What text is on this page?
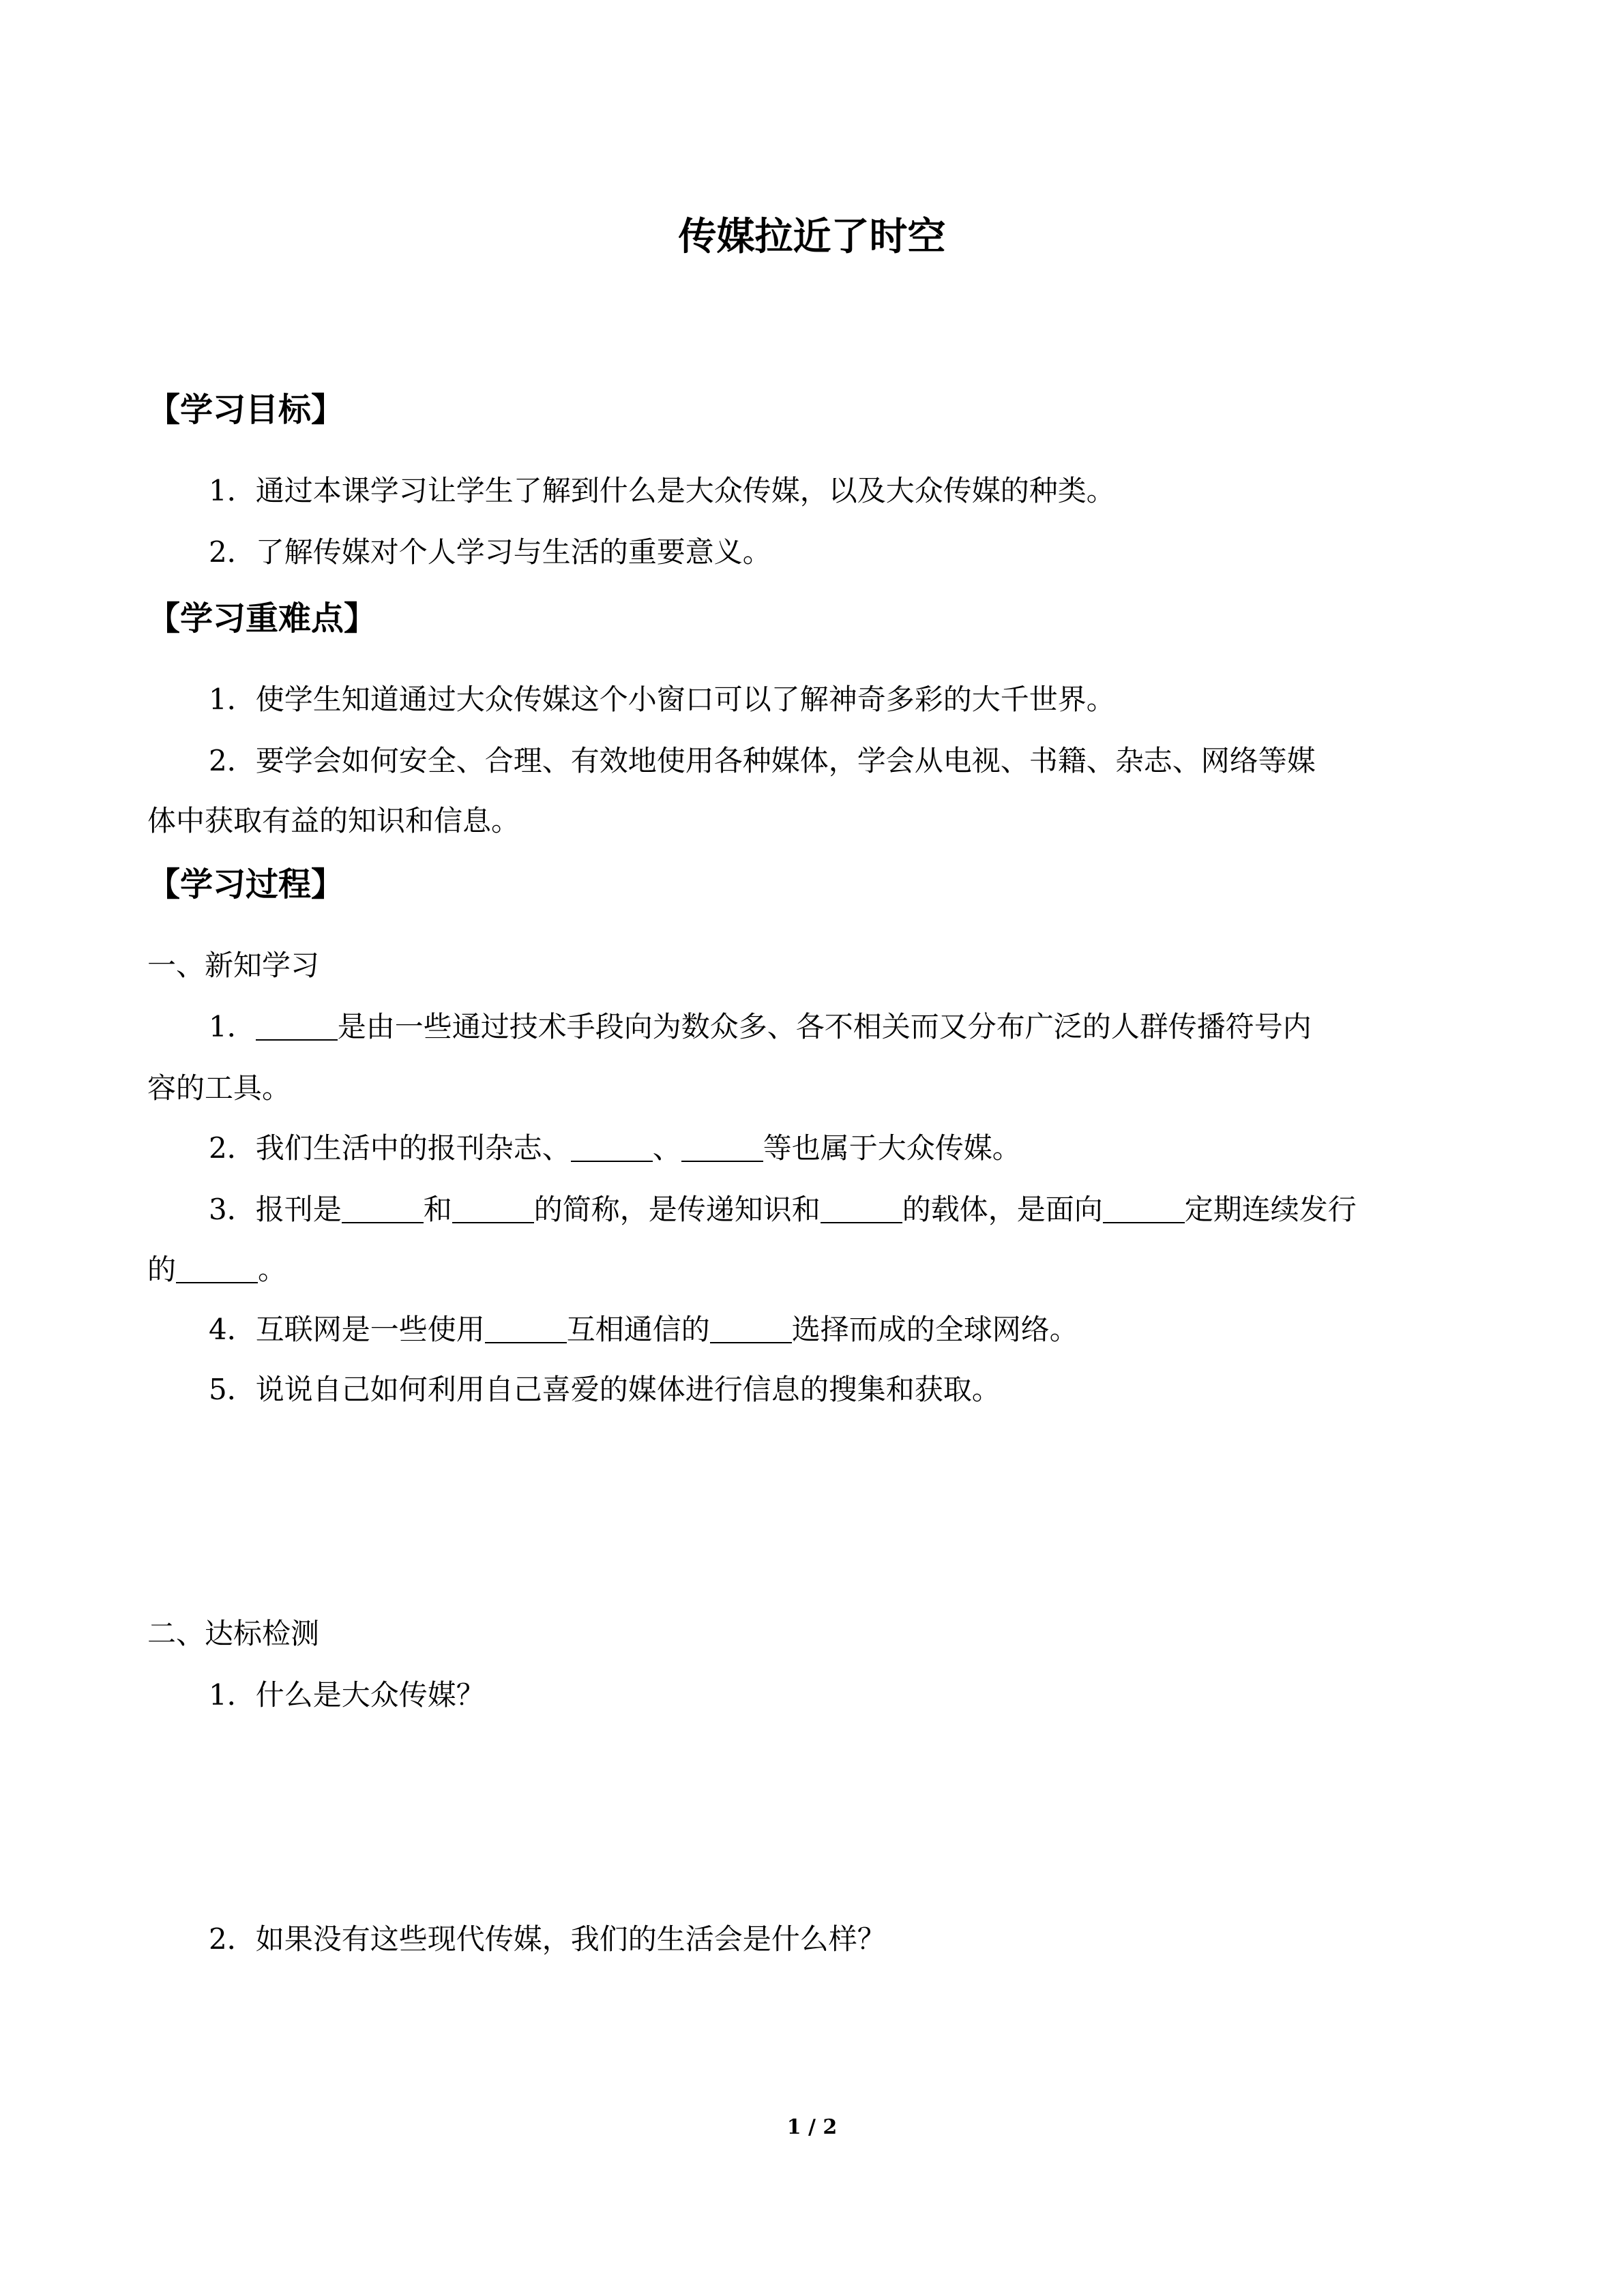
传媒拉近了时空
【学习目标】
1．通过本课学习让学生了解到什么是大众传媒，以及大众传媒的种类。
2．了解传媒对个人学习与生活的重要意义。
【学习重难点】
1．使学生知道通过大众传媒这个小窗口可以了解神奇多彩的大千世界。
2．要学会如何安全、合理、有效地使用各种媒体，学会从电视、书籍、杂志、网络等媒
体中获取有益的知识和信息。
【学习过程】
一、新知学习
1．	是由一些通过技术手段向为数众多、各不相关而又分布广泛的人群传播符号内
容的工具。
2．我们生活中的报刊杂志、	、	等也属于大众传媒。
3．报刊是	和	的简称，是传递知识和	的载体，是面向	定期连续发行
的	。
4．互联网是一些使用	互相通信的	选择而成的全球网络。
5．说说自己如何利用自己喜爱的媒体进行信息的搜集和获取。
二、达标检测
1．什么是大众传媒？
2．如果没有这些现代传媒，我们的生活会是什么样？
1 / 2
